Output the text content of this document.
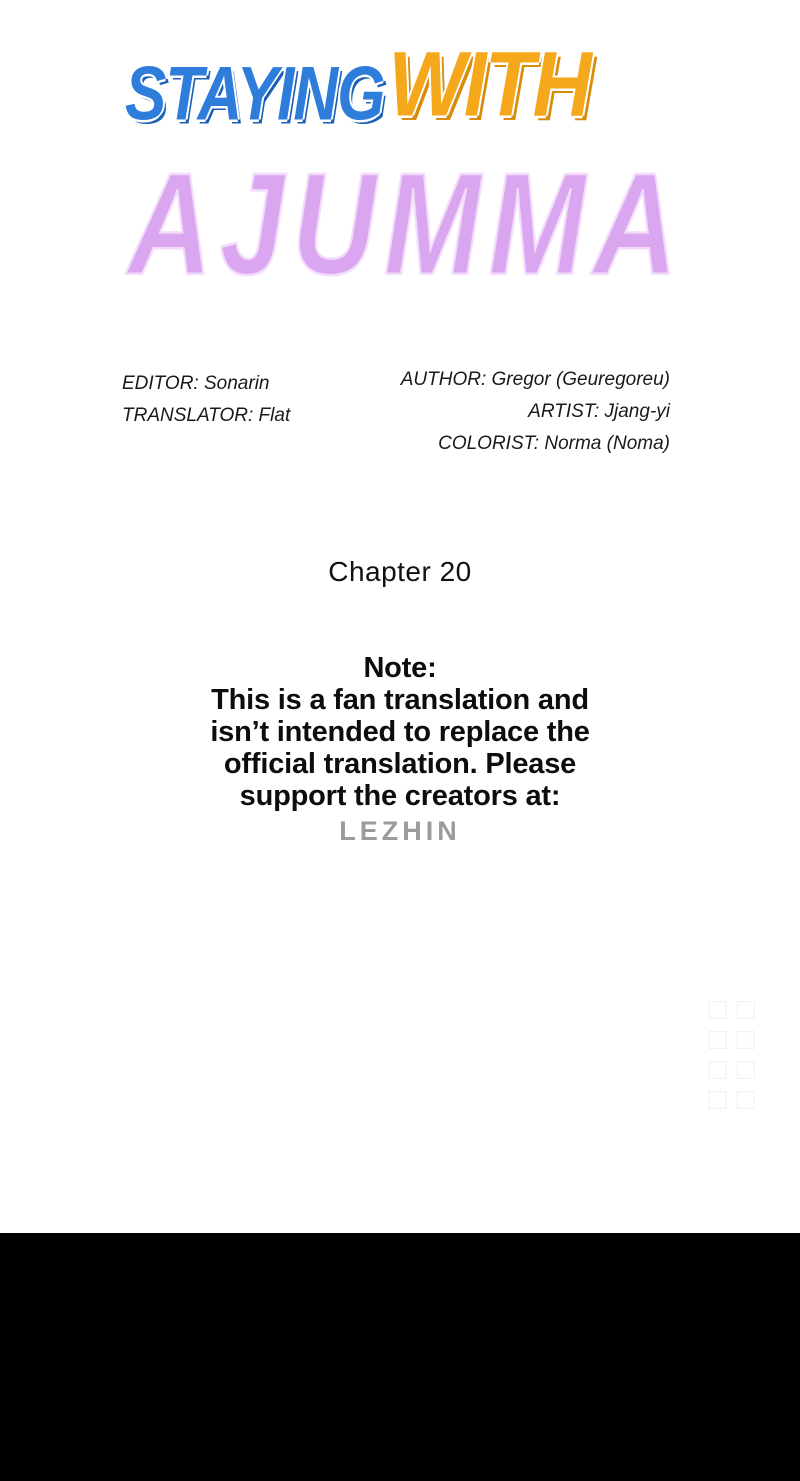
STAYING WITH
AJUMMA
EDITOR: Sonarin
TRANSLATOR: Flat
AUTHOR: Gregor (Geuregoreu)
ARTIST: Jjang-yi
COLORIST: Norma (Noma)
Chapter 20
Note:
This is a fan translation and
isn’t intended to replace the
official translation. Please
support the creators at:
LEZHIN
□ □
□ □
□ □
□ □
